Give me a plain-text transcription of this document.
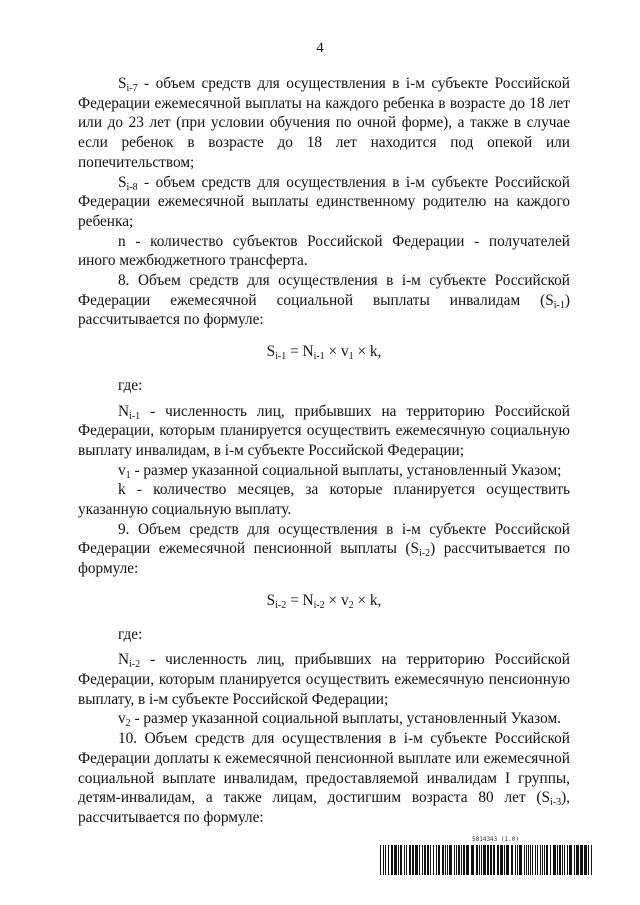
4

$S_{i-7}$ - объем средств для осуществления в i-м субъекте Российской Федерации ежемесячной выплаты на каждого ребенка в возрасте до 18 лет или до 23 лет (при условии обучения по очной форме), а также в случае если ребенок в возрасте до 18 лет находится под опекой или попечительством;

$S_{i-8}$ - объем средств для осуществления в i-м субъекте Российской Федерации ежемесячной выплаты единственному родителю на каждого ребенка;

n - количество субъектов Российской Федерации - получателей иного межбюджетного трансферта.

8. Объем средств для осуществления в i-м субъекте Российской Федерации ежемесячной социальной выплаты инвалидам $(S_{i-1})$ рассчитывается по формуле:

$S_{i-1} = N_{i-1} \times v_1 \times k$,

где:

$N_{i-1}$ - численность лиц, прибывших на территорию Российской Федерации, которым планируется осуществить ежемесячную социальную выплату инвалидам, в i-м субъекте Российской Федерации;

$v_1$ - размер указанной социальной выплаты, установленный Указом;

k - количество месяцев, за которые планируется осуществить указанную социальную выплату.

9. Объем средств для осуществления в i-м субъекте Российской Федерации ежемесячной пенсионной выплаты $(S_{i-2})$ рассчитывается по формуле:

$S_{i-2} = N_{i-2} \times v_2 \times k$,

где:

$N_{i-2}$ - численность лиц, прибывших на территорию Российской Федерации, которым планируется осуществить ежемесячную пенсионную выплату, в i-м субъекте Российской Федерации;

$v_2$ - размер указанной социальной выплаты, установленный Указом.

10. Объем средств для осуществления в i-м субъекте Российской Федерации доплаты к ежемесячной пенсионной выплате или ежемесячной социальной выплате инвалидам, предоставляемой инвалидам I группы, детям-инвалидам, а также лицам, достигшим возраста 80 лет $(S_{i-3})$, рассчитывается по формуле:

5814343 (1.0)
